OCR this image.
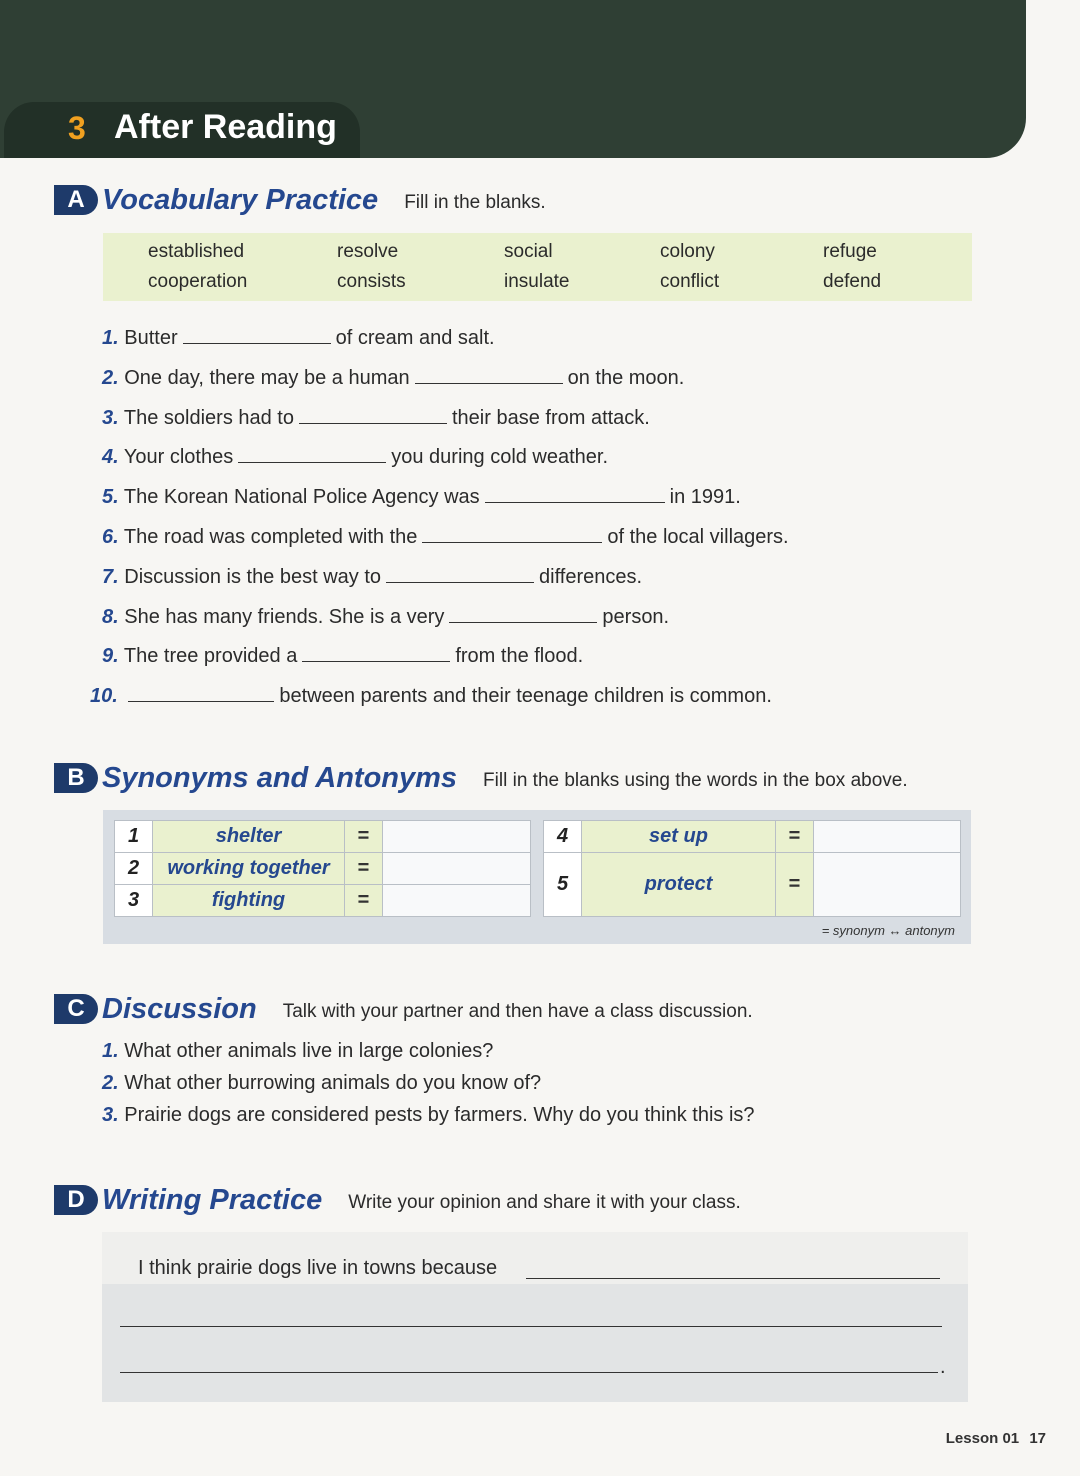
3 After Reading
A Vocabulary Practice Fill in the blanks.
established	resolve	social	colony	refuge
cooperation	consists	insulate	conflict	defend
1. Butter	of cream and salt.
2. One day, there may be a human	on the moon.
3. The soldiers had to	their base from attack.
4. Your clothes	you during cold weather.
5. The Korean National Police Agency was	in 1991.
6. The road was completed with the	of the local villagers.
7. Discussion is the best way to	differences.
8. She has many friends. She is a very	person.
9. The tree provided a	from the flood.
10.	between parents and their teenage children is common.
B Synonyms and Antonyms Fill in the blanks using the words in the box above.
1	shelter	=	
2	working together	=	
3	fighting	=	
4	set up	=	
5	protect	=	
= synonym ↔ antonym
C Discussion Talk with your partner and then have a class discussion.
1. What other animals live in large colonies?
2. What other burrowing animals do you know of?
3. Prairie dogs are considered pests by farmers. Why do you think this is?
D Writing Practice Write your opinion and share it with your class.
I think prairie dogs live in towns because
.
Lesson 01 17
